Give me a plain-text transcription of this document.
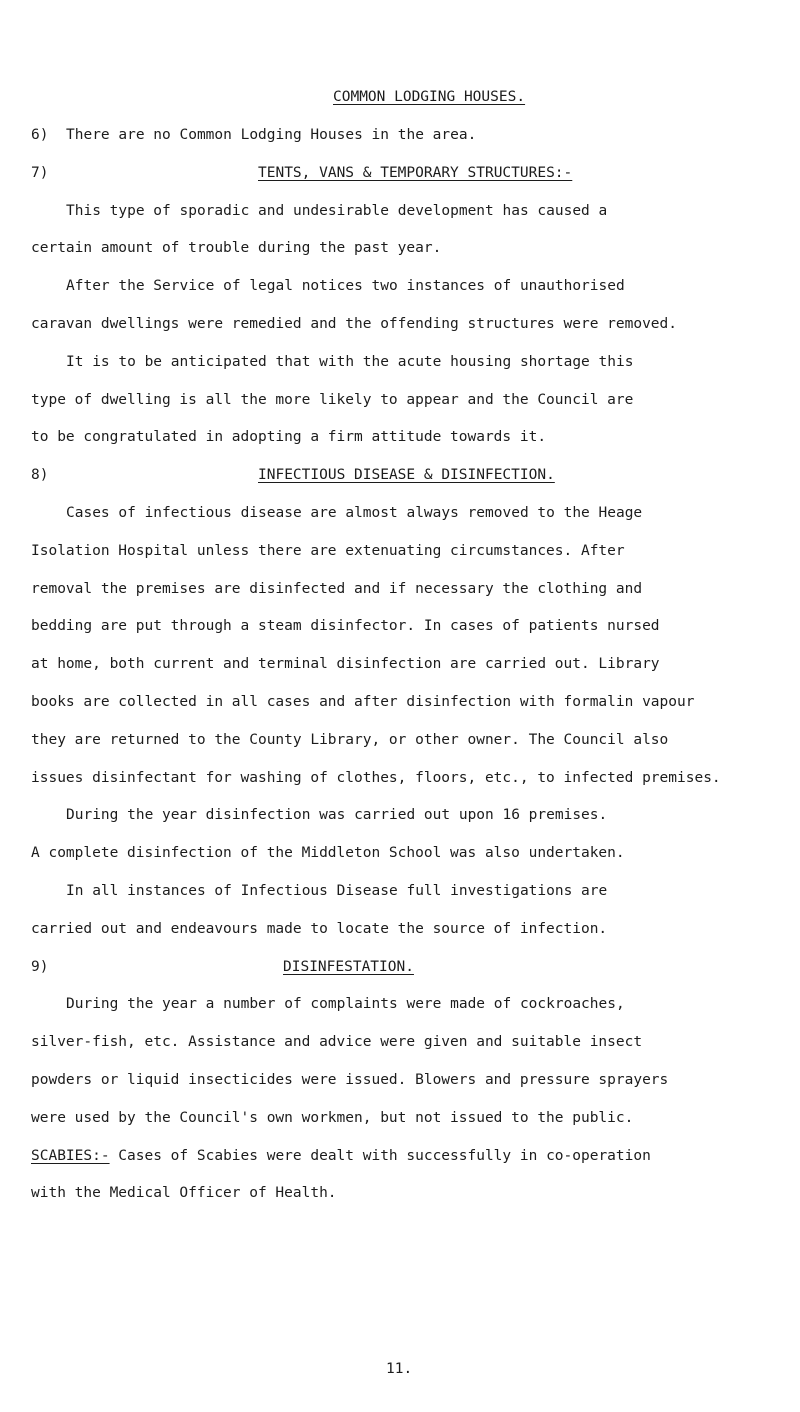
COMMON LODGING HOUSES.
6) There are no Common Lodging Houses in the area.
7)	TENTS, VANS & TEMPORARY STRUCTURES:-
This type of sporadic and undesirable development has caused a
certain amount of trouble during the past year.
After the Service of legal notices two instances of unauthorised
caravan dwellings were remedied and the offending structures were removed.
It is to be anticipated that with the acute housing shortage this
type of dwelling is all the more likely to appear and the Council are
to be congratulated in adopting a firm attitude towards it.
8)	INFECTIOUS DISEASE & DISINFECTION.
Cases of infectious disease are almost always removed to the Heage
Isolation Hospital unless there are extenuating circumstances. After
removal the premises are disinfected and if necessary the clothing and
bedding are put through a steam disinfector. In cases of patients nursed
at home, both current and terminal disinfection are carried out. Library
books are collected in all cases and after disinfection with formalin vapour
they are returned to the County Library, or other owner. The Council also
issues disinfectant for washing of clothes, floors, etc., to infected premises.
During the year disinfection was carried out upon 16 premises.
A complete disinfection of the Middleton School was also undertaken.
In all instances of Infectious Disease full investigations are
carried out and endeavours made to locate the source of infection.
9)	DISINFESTATION.
During the year a number of complaints were made of cockroaches,
silver-fish, etc. Assistance and advice were given and suitable insect
powders or liquid insecticides were issued. Blowers and pressure sprayers
were used by the Council's own workmen, but not issued to the public.
SCABIES:- Cases of Scabies were dealt with successfully in co-operation
with the Medical Officer of Health.
11.
